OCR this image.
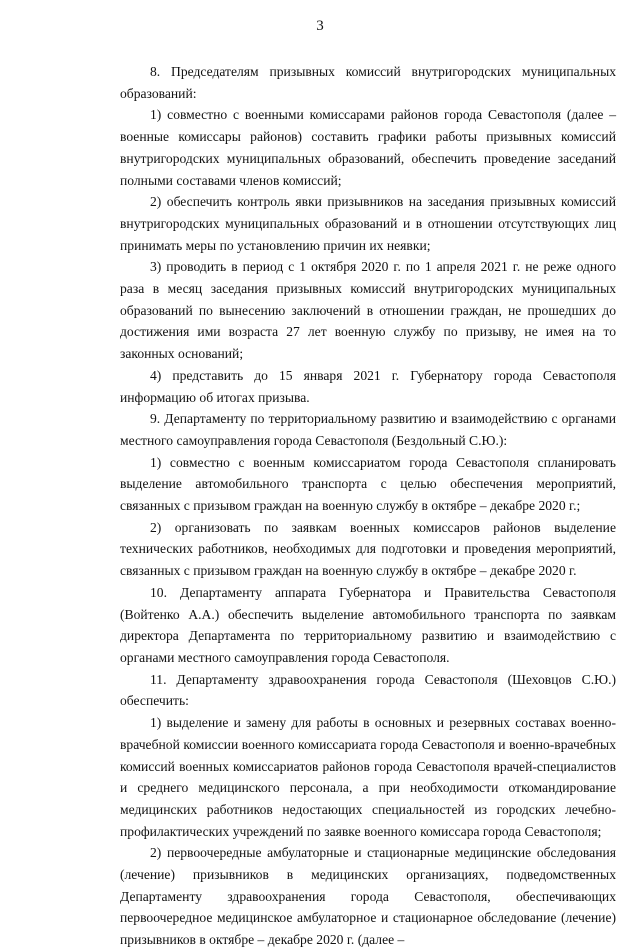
3

8. Председателям призывных комиссий внутригородских муниципальных образований:

1) совместно с военными комиссарами районов города Севастополя (далее – военные комиссары районов) составить графики работы призывных комиссий внутригородских муниципальных образований, обеспечить проведение заседаний полными составами членов комиссий;

2) обеспечить контроль явки призывников на заседания призывных комиссий внутригородских муниципальных образований и в отношении отсутствующих лиц принимать меры по установлению причин их неявки;

3) проводить в период с 1 октября 2020 г. по 1 апреля 2021 г. не реже одного раза в месяц заседания призывных комиссий внутригородских муниципальных образований по вынесению заключений в отношении граждан, не прошедших до достижения ими возраста 27 лет военную службу по призыву, не имея на то законных оснований;

4) представить до 15 января 2021 г. Губернатору города Севастополя информацию об итогах призыва.

9. Департаменту по территориальному развитию и взаимодействию с органами местного самоуправления города Севастополя (Бездольный С.Ю.):

1) совместно с военным комиссариатом города Севастополя спланировать выделение автомобильного транспорта с целью обеспечения мероприятий, связанных с призывом граждан на военную службу в октябре – декабре 2020 г.;

2) организовать по заявкам военных комиссаров районов выделение технических работников, необходимых для подготовки и проведения мероприятий, связанных с призывом граждан на военную службу в октябре – декабре 2020 г.

10. Департаменту аппарата Губернатора и Правительства Севастополя (Войтенко А.А.) обеспечить выделение автомобильного транспорта по заявкам директора Департамента по территориальному развитию и взаимодействию с органами местного самоуправления города Севастополя.

11. Департаменту здравоохранения города Севастополя (Шеховцов С.Ю.) обеспечить:

1) выделение и замену для работы в основных и резервных составах военно-врачебной комиссии военного комиссариата города Севастополя и военно-врачебных комиссий военных комиссариатов районов города Севастополя врачей-специалистов и среднего медицинского персонала, а при необходимости откомандирование медицинских работников недостающих специальностей из городских лечебно-профилактических учреждений по заявке военного комиссара города Севастополя;

2) первоочередные амбулаторные и стационарные медицинские обследования (лечение) призывников в медицинских организациях, подведомственных Департаменту здравоохранения города Севастополя, обеспечивающих первоочередное медицинское амбулаторное и стационарное обследование (лечение) призывников в октябре – декабре 2020 г. (далее –
